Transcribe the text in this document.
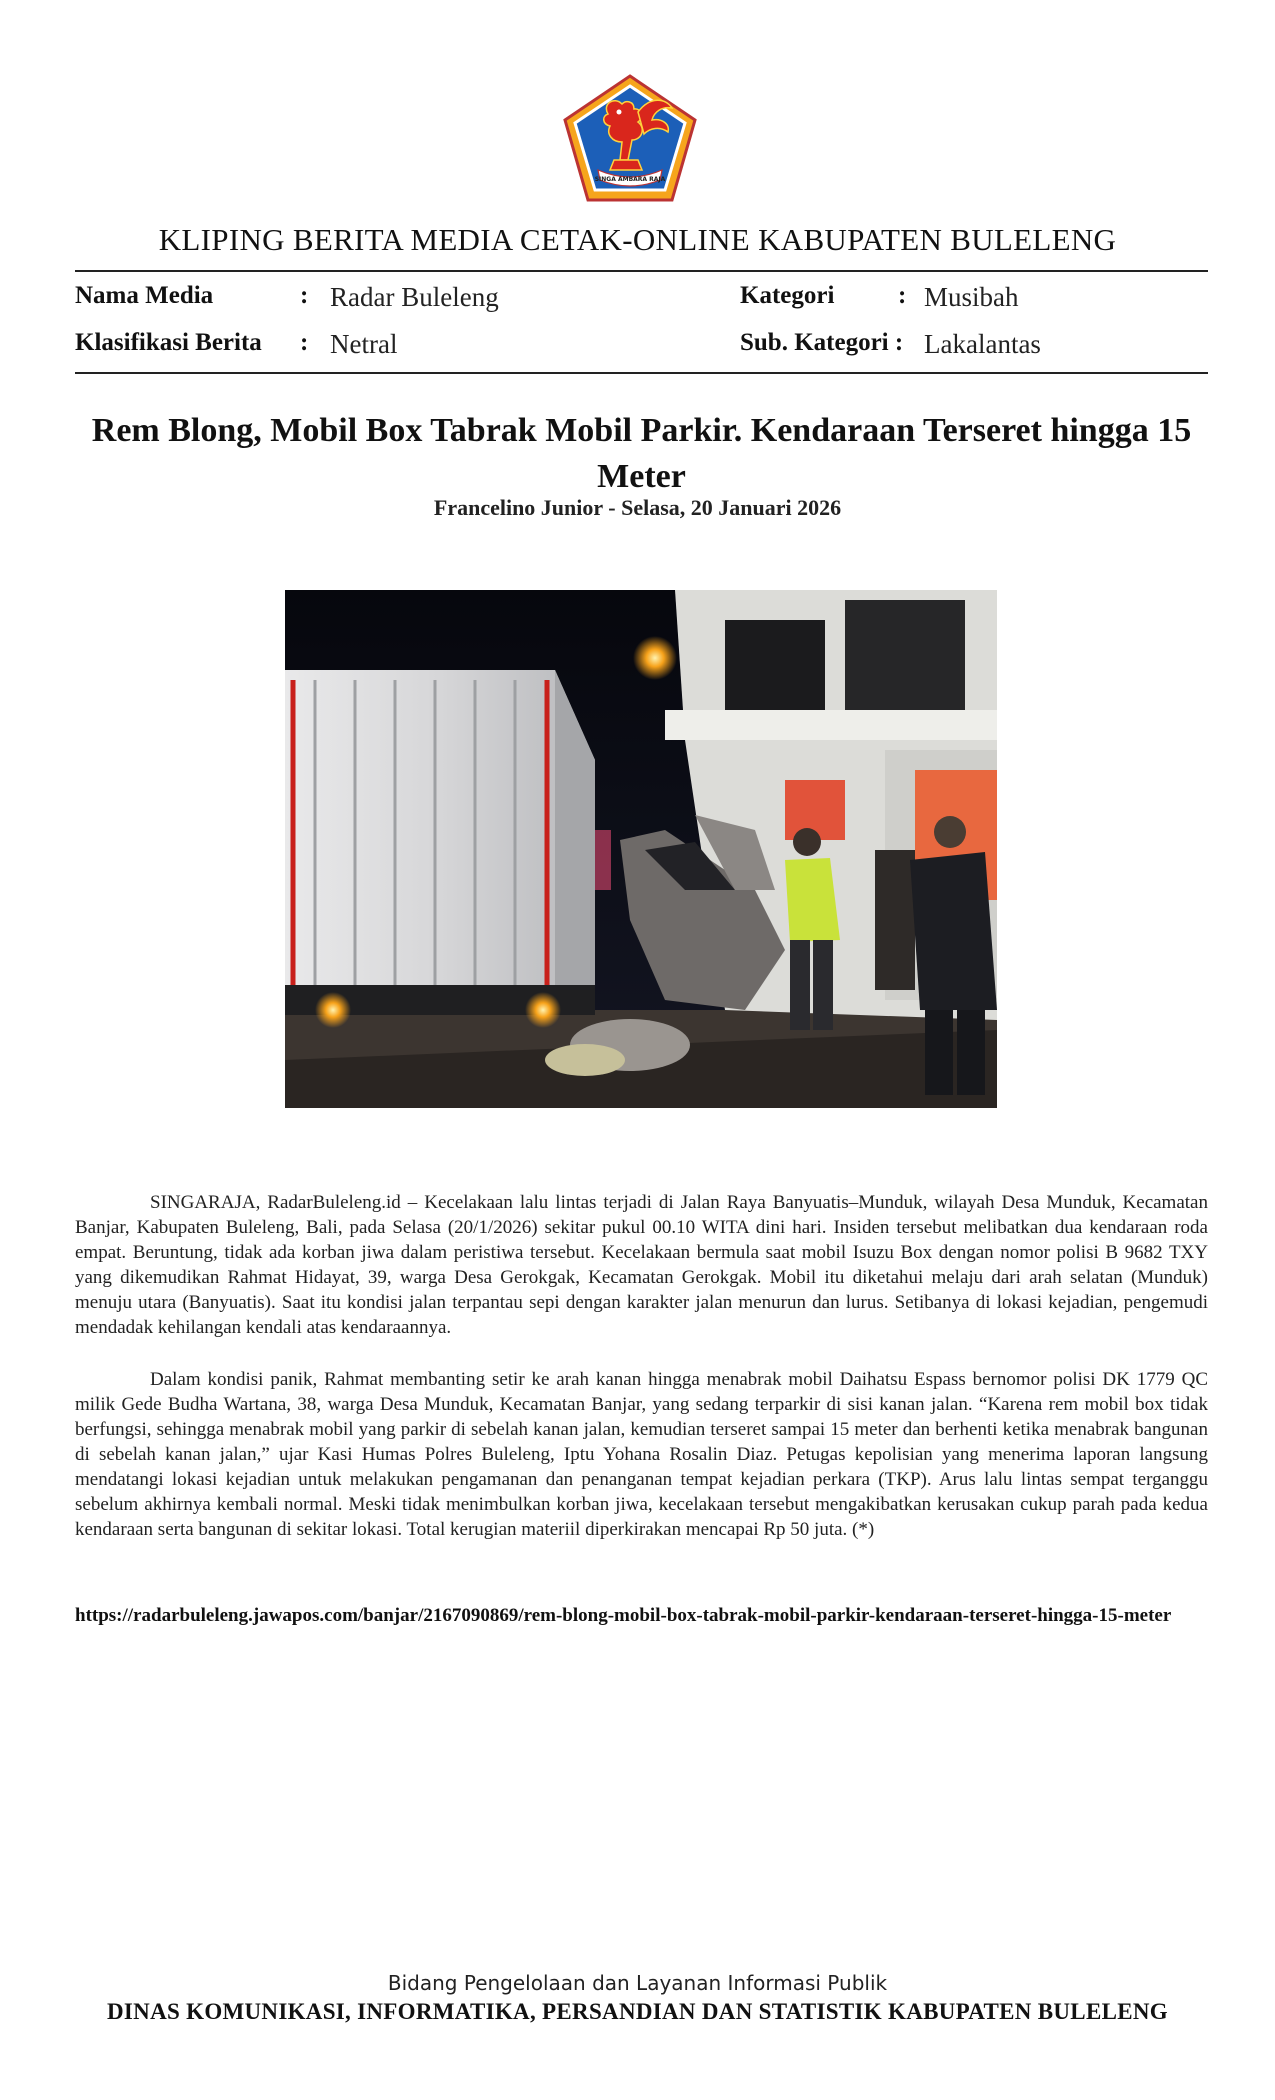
SINGA AMBARA RAJA
KLIPING BERITA MEDIA CETAK-ONLINE KABUPATEN BULELENG
Nama Media	: Radar Buleleng	Kategori	: Musibah
Klasifikasi Berita : Netral	Sub. Kategori : Lakalantas
Rem Blong, Mobil Box Tabrak Mobil Parkir. Kendaraan Terseret hingga 15 Meter
Francelino Junior - Selasa, 20 Januari 2026

SINGARAJA, RadarBuleleng.id – Kecelakaan lalu lintas terjadi di Jalan Raya Banyuatis–Munduk, wilayah Desa Munduk, Kecamatan Banjar, Kabupaten Buleleng, Bali, pada Selasa (20/1/2026) sekitar pukul 00.10 WITA dini hari. Insiden tersebut melibatkan dua kendaraan roda empat. Beruntung, tidak ada korban jiwa dalam peristiwa tersebut. Kecelakaan bermula saat mobil Isuzu Box dengan nomor polisi B 9682 TXY yang dikemudikan Rahmat Hidayat, 39, warga Desa Gerokgak, Kecamatan Gerokgak. Mobil itu diketahui melaju dari arah selatan (Munduk) menuju utara (Banyuatis). Saat itu kondisi jalan terpantau sepi dengan karakter jalan menurun dan lurus. Setibanya di lokasi kejadian, pengemudi mendadak kehilangan kendali atas kendaraannya.

Dalam kondisi panik, Rahmat membanting setir ke arah kanan hingga menabrak mobil Daihatsu Espass bernomor polisi DK 1779 QC milik Gede Budha Wartana, 38, warga Desa Munduk, Kecamatan Banjar, yang sedang terparkir di sisi kanan jalan. “Karena rem mobil box tidak berfungsi, sehingga menabrak mobil yang parkir di sebelah kanan jalan, kemudian terseret sampai 15 meter dan berhenti ketika menabrak bangunan di sebelah kanan jalan,” ujar Kasi Humas Polres Buleleng, Iptu Yohana Rosalin Diaz. Petugas kepolisian yang menerima laporan langsung mendatangi lokasi kejadian untuk melakukan pengamanan dan penanganan tempat kejadian perkara (TKP). Arus lalu lintas sempat terganggu sebelum akhirnya kembali normal. Meski tidak menimbulkan korban jiwa, kecelakaan tersebut mengakibatkan kerusakan cukup parah pada kedua kendaraan serta bangunan di sekitar lokasi. Total kerugian materiil diperkirakan mencapai Rp 50 juta. (*)

https://radarbuleleng.jawapos.com/banjar/2167090869/rem-blong-mobil-box-tabrak-mobil-parkir-kendaraan-terseret-hingga-15-meter
Bidang Pengelolaan dan Layanan Informasi Publik
DINAS KOMUNIKASI, INFORMATIKA, PERSANDIAN DAN STATISTIK KABUPATEN BULELENG
